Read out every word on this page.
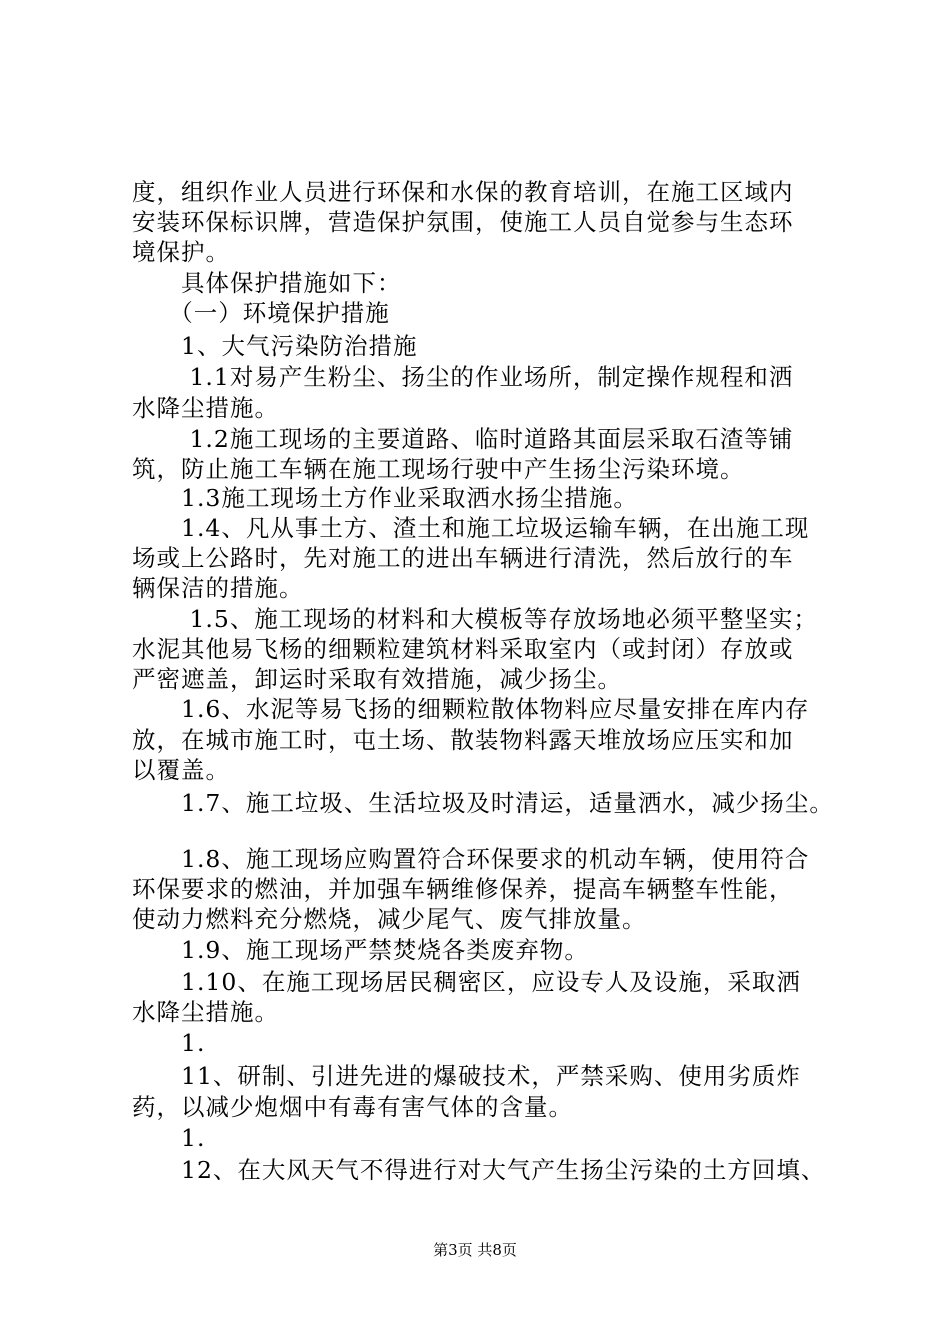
度，组织作业人员进行环保和水保的教育培训，在施工区域内
安装环保标识牌，营造保护氛围，使施工人员自觉参与生态环
境保护。
　　具体保护措施如下：
　　（一）环境保护措施
　　1、大气污染防治措施
　　 1.1对易产生粉尘、扬尘的作业场所，制定操作规程和洒
水降尘措施。
　　 1.2施工现场的主要道路、临时道路其面层采取石渣等铺
筑，防止施工车辆在施工现场行驶中产生扬尘污染环境。
　　1.3施工现场土方作业采取洒水扬尘措施。
　　1.4、凡从事土方、渣土和施工垃圾运输车辆，在出施工现
场或上公路时，先对施工的进出车辆进行清洗，然后放行的车
辆保洁的措施。
　　 1.5、施工现场的材料和大模板等存放场地必须平整坚实；
水泥其他易飞杨的细颗粒建筑材料采取室内（或封闭）存放或
严密遮盖，卸运时采取有效措施，减少扬尘。
　　1.6、水泥等易飞扬的细颗粒散体物料应尽量安排在库内存
放，在城市施工时，屯土场、散装物料露天堆放场应压实和加
以覆盖。
　　1.7、施工垃圾、生活垃圾及时清运，适量洒水，减少扬尘。
　　1.8、施工现场应购置符合环保要求的机动车辆，使用符合
环保要求的燃油，并加强车辆维修保养，提高车辆整车性能，
使动力燃料充分燃烧，减少尾气、废气排放量。
　　1.9、施工现场严禁焚烧各类废弃物。
　　1.10、在施工现场居民稠密区，应设专人及设施，采取洒
水降尘措施。
　　1.
　　11、研制、引进先进的爆破技术，严禁采购、使用劣质炸
药，以减少炮烟中有毒有害气体的含量。
　　1.
　　12、在大风天气不得进行对大气产生扬尘污染的土方回填、
第3页 共8页
